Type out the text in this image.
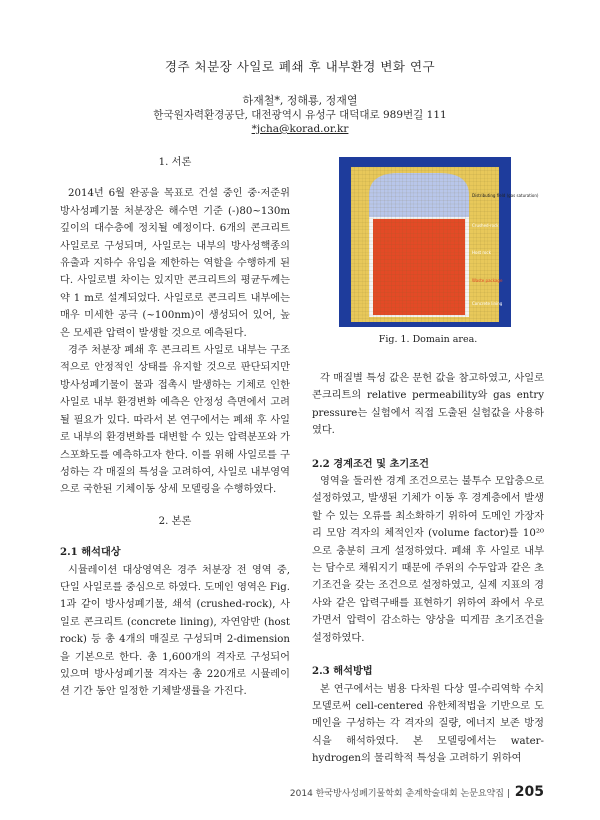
경주 처분장 사일로 폐쇄 후 내부환경 변화 연구
하재철*, 정해룡, 정재열
한국원자력환경공단, 대전광역시 유성구 대덕대로 989번길 111
*jcha@korad.or.kr

1. 서론

2014년 6월 완공을 목표로 건설 중인 중·저준위 방사성폐기물 처분장은 해수면 기준 (-)80~130m 깊이의 대수층에 정치될 예정이다. 6개의 콘크리트 사일로로 구성되며, 사일로는 내부의 방사성핵종의 유출과 지하수 유입을 제한하는 역할을 수행하게 된다. 사일로별 차이는 있지만 콘크리트의 평균두께는 약 1 m로 설계되었다. 사일로로 콘크리트 내부에는 매우 미세한 공극 (~100nm)이 생성되어 있어, 높은 모세관 압력이 발생할 것으로 예측된다.

경주 처분장 폐쇄 후 콘크리트 사일로 내부는 구조적으로 안정적인 상태를 유지할 것으로 판단되지만 방사성폐기물이 물과 접촉시 발생하는 기체로 인한 사일로 내부 환경변화 예측은 안정성 측면에서 고려될 필요가 있다. 따라서 본 연구에서는 폐쇄 후 사일로 내부의 환경변화를 대변할 수 있는 압력분포와 가스포화도를 예측하고자 한다. 이를 위해 사일로를 구성하는 각 매질의 특성을 고려하여, 사일로 내부영역으로 국한된 기체이동 상세 모델링을 수행하였다.

2. 본론

2.1 해석대상

시뮬레이션 대상영역은 경주 처분장 전 영역 중, 단일 사일로를 중심으로 하였다. 도메인 영역은 Fig. 1과 같이 방사성폐기물, 쇄석 (crushed-rock), 사일로 콘크리트 (concrete lining), 자연암반 (host rock) 등 총 4개의 매질로 구성되며 2-dimension을 기본으로 한다. 총 1,600개의 격자로 구성되어 있으며 방사성폐기물 격자는 총 220개로 시뮬레이션 기간 동안 일정한 기체발생률을 가진다.

Distributing field (gas saturation)
Crushed-rock
Host rock
Waste package
Concrete lining
Fig. 1. Domain area.

각 매질별 특성 값은 문헌 값을 참고하였고, 사일로 콘크리트의 relative permeability와 gas entry pressure는 실험에서 직접 도출된 실험값을 사용하였다.

2.2 경계조건 및 초기조건

영역을 둘러싼 경계 조건으로는 불투수 모압층으로 설정하였고, 발생된 기체가 이동 후 경계층에서 발생할 수 있는 오류를 최소화하기 위하여 도메인 가장자리 모암 격자의 체적인자 (volume factor)를 10²⁰으로 충분히 크게 설정하였다. 폐쇄 후 사일로 내부는 담수로 채워지기 때문에 주위의 수두압과 같은 초기조건을 갖는 조건으로 설정하였고, 실제 지표의 경사와 같은 압력구배를 표현하기 위하여 좌에서 우로 가면서 압력이 감소하는 양상을 띠게끔 초기조건을 설정하였다.

2.3 해석방법

본 연구에서는 범용 다차원 다상 열-수리역학 수치 모델로써 cell-centered 유한체적법을 기반으로 도메인을 구성하는 각 격자의 질량, 에너지 보존 방정식을 해석하였다. 본 모델링에서는 water-hydrogen의 물리학적 특성을 고려하기 위하여

2014 한국방사성폐기물학회 춘계학술대회 논문요약집 | 205
